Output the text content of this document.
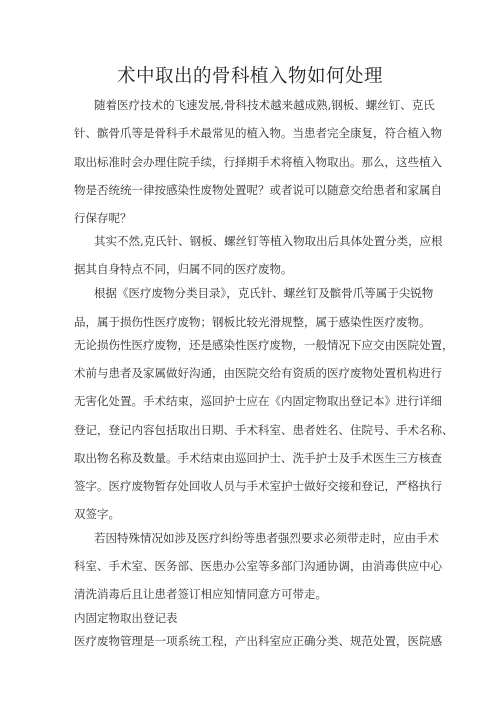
术中取出的骨科植入物如何处理
随着医疗技术的飞速发展,骨科技术越来越成熟,钢板、螺丝钉、克氏
针、髌骨爪等是骨科手术最常见的植入物。当患者完全康复，符合植入物
取出标准时会办理住院手续，行择期手术将植入物取出。那么，这些植入
物是否统统一律按感染性废物处置呢？或者说可以随意交给患者和家属自
行保存呢？
其实不然,克氏针、钢板、螺丝钉等植入物取出后具体处置分类，应根
据其自身特点不同，归属不同的医疗废物。
根据《医疗废物分类目录》，克氏针、螺丝钉及髌骨爪等属于尖锐物
品，属于损伤性医疗废物；钢板比较光滑规整，属于感染性医疗废物。
无论损伤性医疗废物，还是感染性医疗废物，一般情况下应交由医院处置，
术前与患者及家属做好沟通，由医院交给有资质的医疗废物处置机构进行
无害化处置。手术结束，巡回护士应在《内固定物取出登记本》进行详细
登记，登记内容包括取出日期、手术科室、患者姓名、住院号、手术名称、
取出物名称及数量。手术结束由巡回护士、洗手护士及手术医生三方核查
签字。医疗废物暂存处回收人员与手术室护士做好交接和登记，严格执行
双签字。
若因特殊情况如涉及医疗纠纷等患者强烈要求必须带走时，应由手术
科室、手术室、医务部、医患办公室等多部门沟通协调，由消毒供应中心
清洗消毒后且让患者签订相应知情同意方可带走。
内固定物取出登记表
医疗废物管理是一项系统工程，产出科室应正确分类、规范处置，医院感
